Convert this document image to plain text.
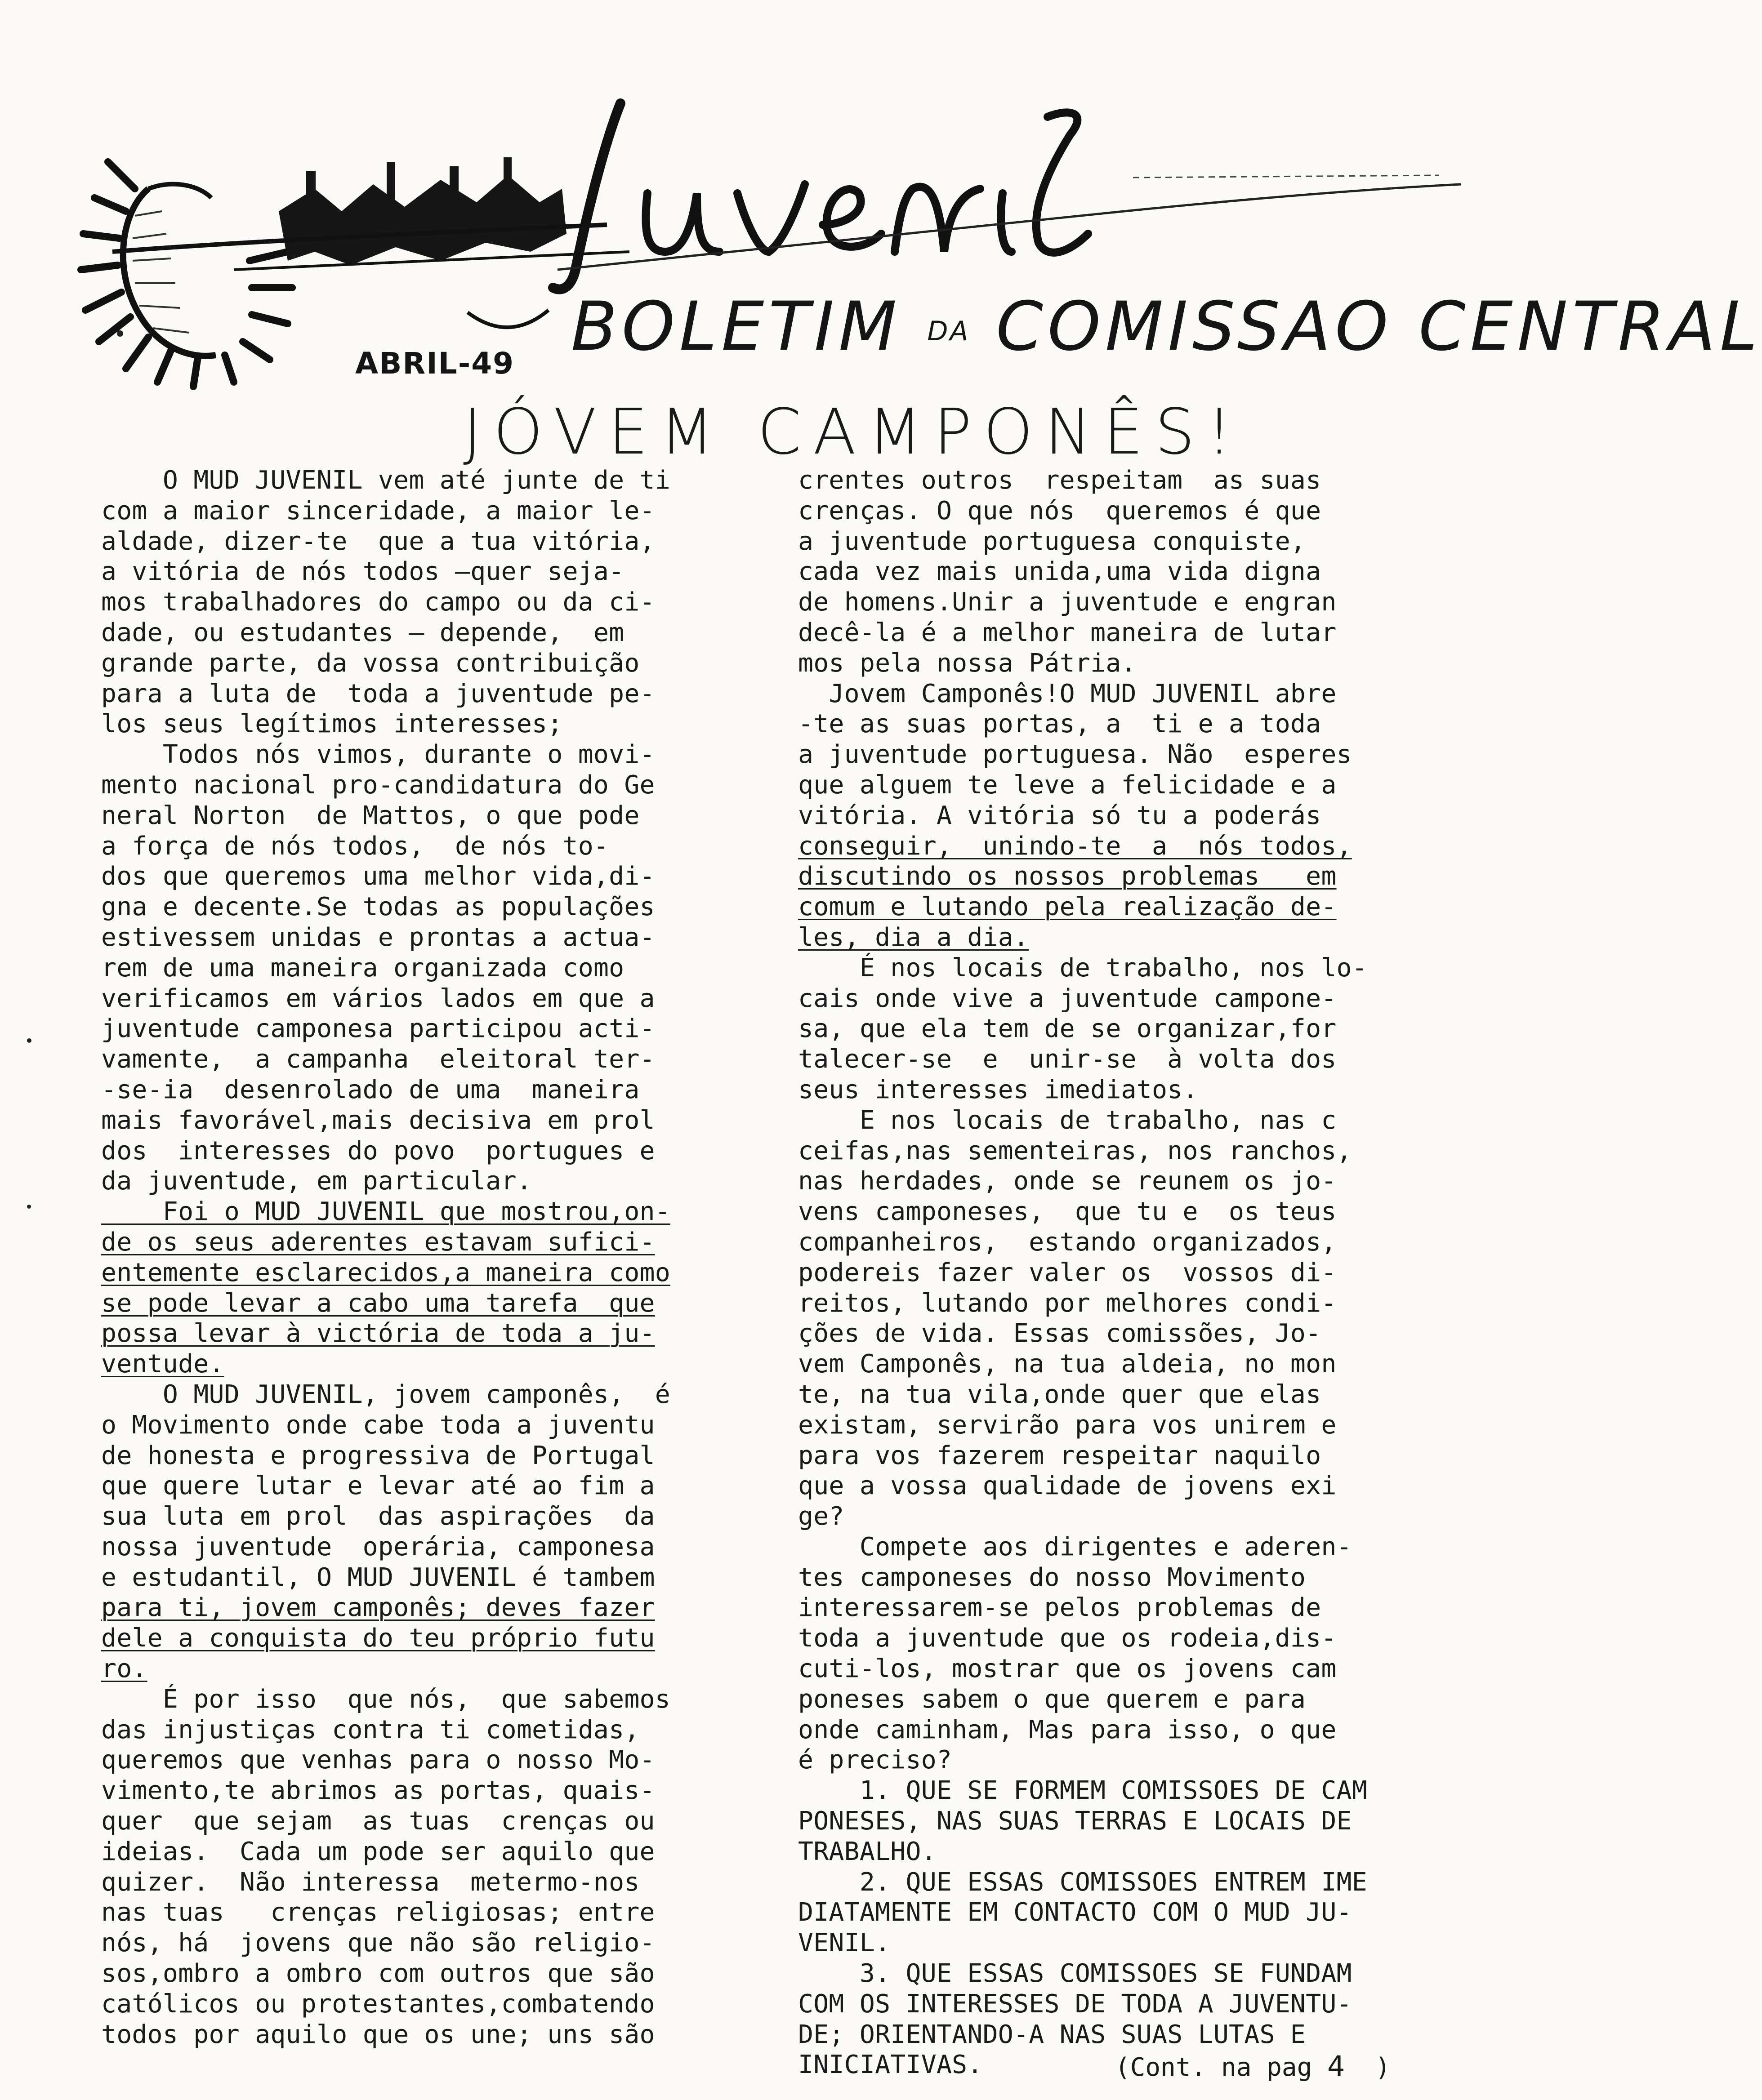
BOLETIM DA COMISSAO CENTRAL
ABRIL-49
JÓVEM CAMPONÊS!

O MUD JUVENIL vem até junte de ti

com a maior sinceridade, a maior le-

aldade, dizer-te  que a tua vitória,

a vitória de nós todos —quer seja-

mos trabalhadores do campo ou da ci-

dade, ou estudantes — depende,  em

grande parte, da vossa contribuição

para a luta de  toda a juventude pe-

los seus legítimos interesses;

Todos nós vimos, durante o movi-

mento nacional pro-candidatura do Ge

neral Norton  de Mattos, o que pode

a força de nós todos,  de nós to-

dos que queremos uma melhor vida,di-

gna e decente.Se todas as populações

estivessem unidas e prontas a actua-

rem de uma maneira organizada como

verificamos em vários lados em que a

juventude camponesa participou acti-

vamente,  a campanha  eleitoral ter-

-se-ia  desenrolado de uma  maneira

mais favorável,mais decisiva em prol

dos  interesses do povo  portugues e

da juventude, em particular.

Foi o MUD JUVENIL que mostrou,on-

de os seus aderentes estavam sufici-

entemente esclarecidos,a maneira como

se pode levar a cabo uma tarefa  que

possa levar à victória de toda a ju-

ventude.

O MUD JUVENIL, jovem camponês,  é

o Movimento onde cabe toda a juventu

de honesta e progressiva de Portugal

que quere lutar e levar até ao fim a

sua luta em prol  das aspirações  da

nossa juventude  operária, camponesa

e estudantil, O MUD JUVENIL é tambem

para ti, jovem camponês; deves fazer

dele a conquista do teu próprio futu

ro.

É por isso  que nós,  que sabemos

das injustiças contra ti cometidas,

queremos que venhas para o nosso Mo-

vimento,te abrimos as portas, quais-

quer  que sejam  as tuas  crenças ou

ideias.  Cada um pode ser aquilo que

quizer.  Não interessa  metermo-nos

nas tuas   crenças religiosas; entre

nós, há  jovens que não são religio-

sos,ombro a ombro com outros que são

católicos ou protestantes,combatendo

todos por aquilo que os une; uns são

crentes outros  respeitam  as suas

crenças. O que nós  queremos é que

a juventude portuguesa conquiste,

cada vez mais unida,uma vida digna

de homens.Unir a juventude e engran

decê-la é a melhor maneira de lutar

mos pela nossa Pátria.

Jovem Camponês!O MUD JUVENIL abre

-te as suas portas, a  ti e a toda

a juventude portuguesa. Não  esperes

que alguem te leve a felicidade e a

vitória. A vitória só tu a poderás

conseguir,  unindo-te  a  nós todos,

discutindo os nossos problemas   em

comum e lutando pela realização de-

les, dia a dia.

É nos locais de trabalho, nos lo-

cais onde vive a juventude campone-

sa, que ela tem de se organizar,for

talecer-se  e  unir-se  à volta dos

seus interesses imediatos.

E nos locais de trabalho, nas c

ceifas,nas sementeiras, nos ranchos,

nas herdades, onde se reunem os jo-

vens camponeses,  que tu e  os teus

companheiros,  estando organizados,

podereis fazer valer os  vossos di-

reitos, lutando por melhores condi-

ções de vida. Essas comissões, Jo-

vem Camponês, na tua aldeia, no mon

te, na tua vila,onde quer que elas

existam, servirão para vos unirem e

para vos fazerem respeitar naquilo

que a vossa qualidade de jovens exi

ge?

Compete aos dirigentes e aderen-

tes camponeses do nosso Movimento

interessarem-se pelos problemas de

toda a juventude que os rodeia,dis-

cuti-los, mostrar que os jovens cam

poneses sabem o que querem e para

onde caminham, Mas para isso, o que

é preciso?

1. QUE SE FORMEM COMISSOES DE CAM

PONESES, NAS SUAS TERRAS E LOCAIS DE

TRABALHO.

2. QUE ESSAS COMISSOES ENTREM IME

DIATAMENTE EM CONTACTO COM O MUD JU-

VENIL.

3. QUE ESSAS COMISSOES SE FUNDAM

COM OS INTERESSES DE TODA A JUVENTU-

DE; ORIENTANDO-A NAS SUAS LUTAS E

INICIATIVAS.	(Cont. na pag 4 )
